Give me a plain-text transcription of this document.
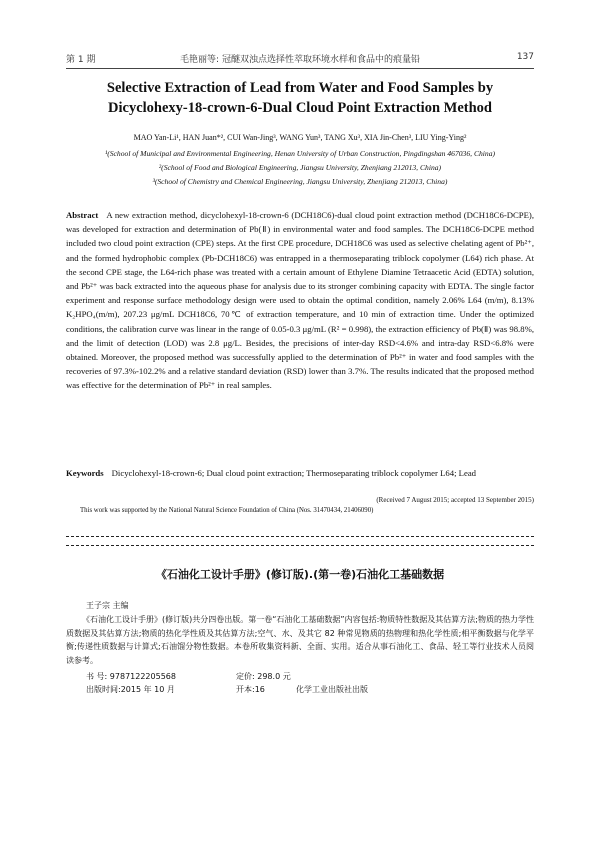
第 1 期	毛艳丽等: 冠醚双浊点选择性萃取环境水样和食品中的痕量铅	137
Selective Extraction of Lead from Water and Food Samples by
Dicyclohexy-18-crown-6-Dual Cloud Point Extraction Method
MAO Yan-Li¹, HAN Juan*², CUI Wan-Jing³, WANG Yun³, TANG Xu³, XIA Jin-Chen³, LIU Ying-Ying²
¹(School of Municipal and Environmental Engineering, Henan University of Urban Construction, Pingdingshan 467036, China)
²(School of Food and Biological Engineering, Jiangsu University, Zhenjiang 212013, China)
³(School of Chemistry and Chemical Engineering, Jiangsu University, Zhenjiang 212013, China)
Abstract A new extraction method, dicyclohexyl-18-crown-6 (DCH18C6)-dual cloud point extraction method (DCH18C6-DCPE), was developed for extraction and determination of Pb(Ⅱ) in environmental water and food samples. The DCH18C6-DCPE method included two cloud point extraction (CPE) steps. At the first CPE procedure, DCH18C6 was used as selective chelating agent of Pb²⁺, and the formed hydrophobic complex (Pb-DCH18C6) was entrapped in a thermoseparating triblock copolymer (L64) rich phase. At the second CPE stage, the L64-rich phase was treated with a certain amount of Ethylene Diamine Tetraacetic Acid (EDTA) solution, and Pb²⁺ was back extracted into the aqueous phase for analysis due to its stronger combining capacity with EDTA. The single factor experiment and response surface methodology design were used to obtain the optimal condition, namely 2.06% L64 (m/m), 8.13% K₂HPO₄(m/m), 207.23 μg/mL DCH18C6, 70℃ of extraction temperature, and 10 min of extraction time. Under the optimized conditions, the calibration curve was linear in the range of 0.05-0.3 μg/mL (R² = 0.998), the extraction efficiency of Pb(Ⅱ) was 98.8%, and the limit of detection (LOD) was 2.8 μg/L. Besides, the precisions of inter-day RSD<4.6% and intra-day RSD<6.8% were obtained. Moreover, the proposed method was successfully applied to the determination of Pb²⁺ in water and food samples with the recoveries of 97.3%-102.2% and a relative standard deviation (RSD) lower than 3.7%. The results indicated that the proposed method was effective for the determination of Pb²⁺ in real samples.
Keywords Dicyclohexyl-18-crown-6; Dual cloud point extraction; Thermoseparating triblock copolymer L64; Lead
(Received 7 August 2015; accepted 13 September 2015)
This work was supported by the National Natural Science Foundation of China (Nos. 31470434, 21406090)
《石油化工设计手册》(修订版).(第一卷)石油化工基础数据
王子宗 主编
《石油化工设计手册》(修订版)共分四卷出版。第一卷“石油化工基础数据”内容包括:物质特性数据及其估算方法;物质的热力学性质数据及其估算方法;物质的热化学性质及其估算方法;空气、水、及其它 82 种常见物质的热物理和热化学性质;相平衡数据与化学平衡;传递性质数据与计算式;石油馏分物性数据。本卷所收集资料新、全面、实用。适合从事石油化工、食品、轻工等行业技术人员阅读参考。
书 号: 9787122205568	定价: 298.0 元
出版时间:2015 年 10 月	开本:16	化学工业出版社出版
